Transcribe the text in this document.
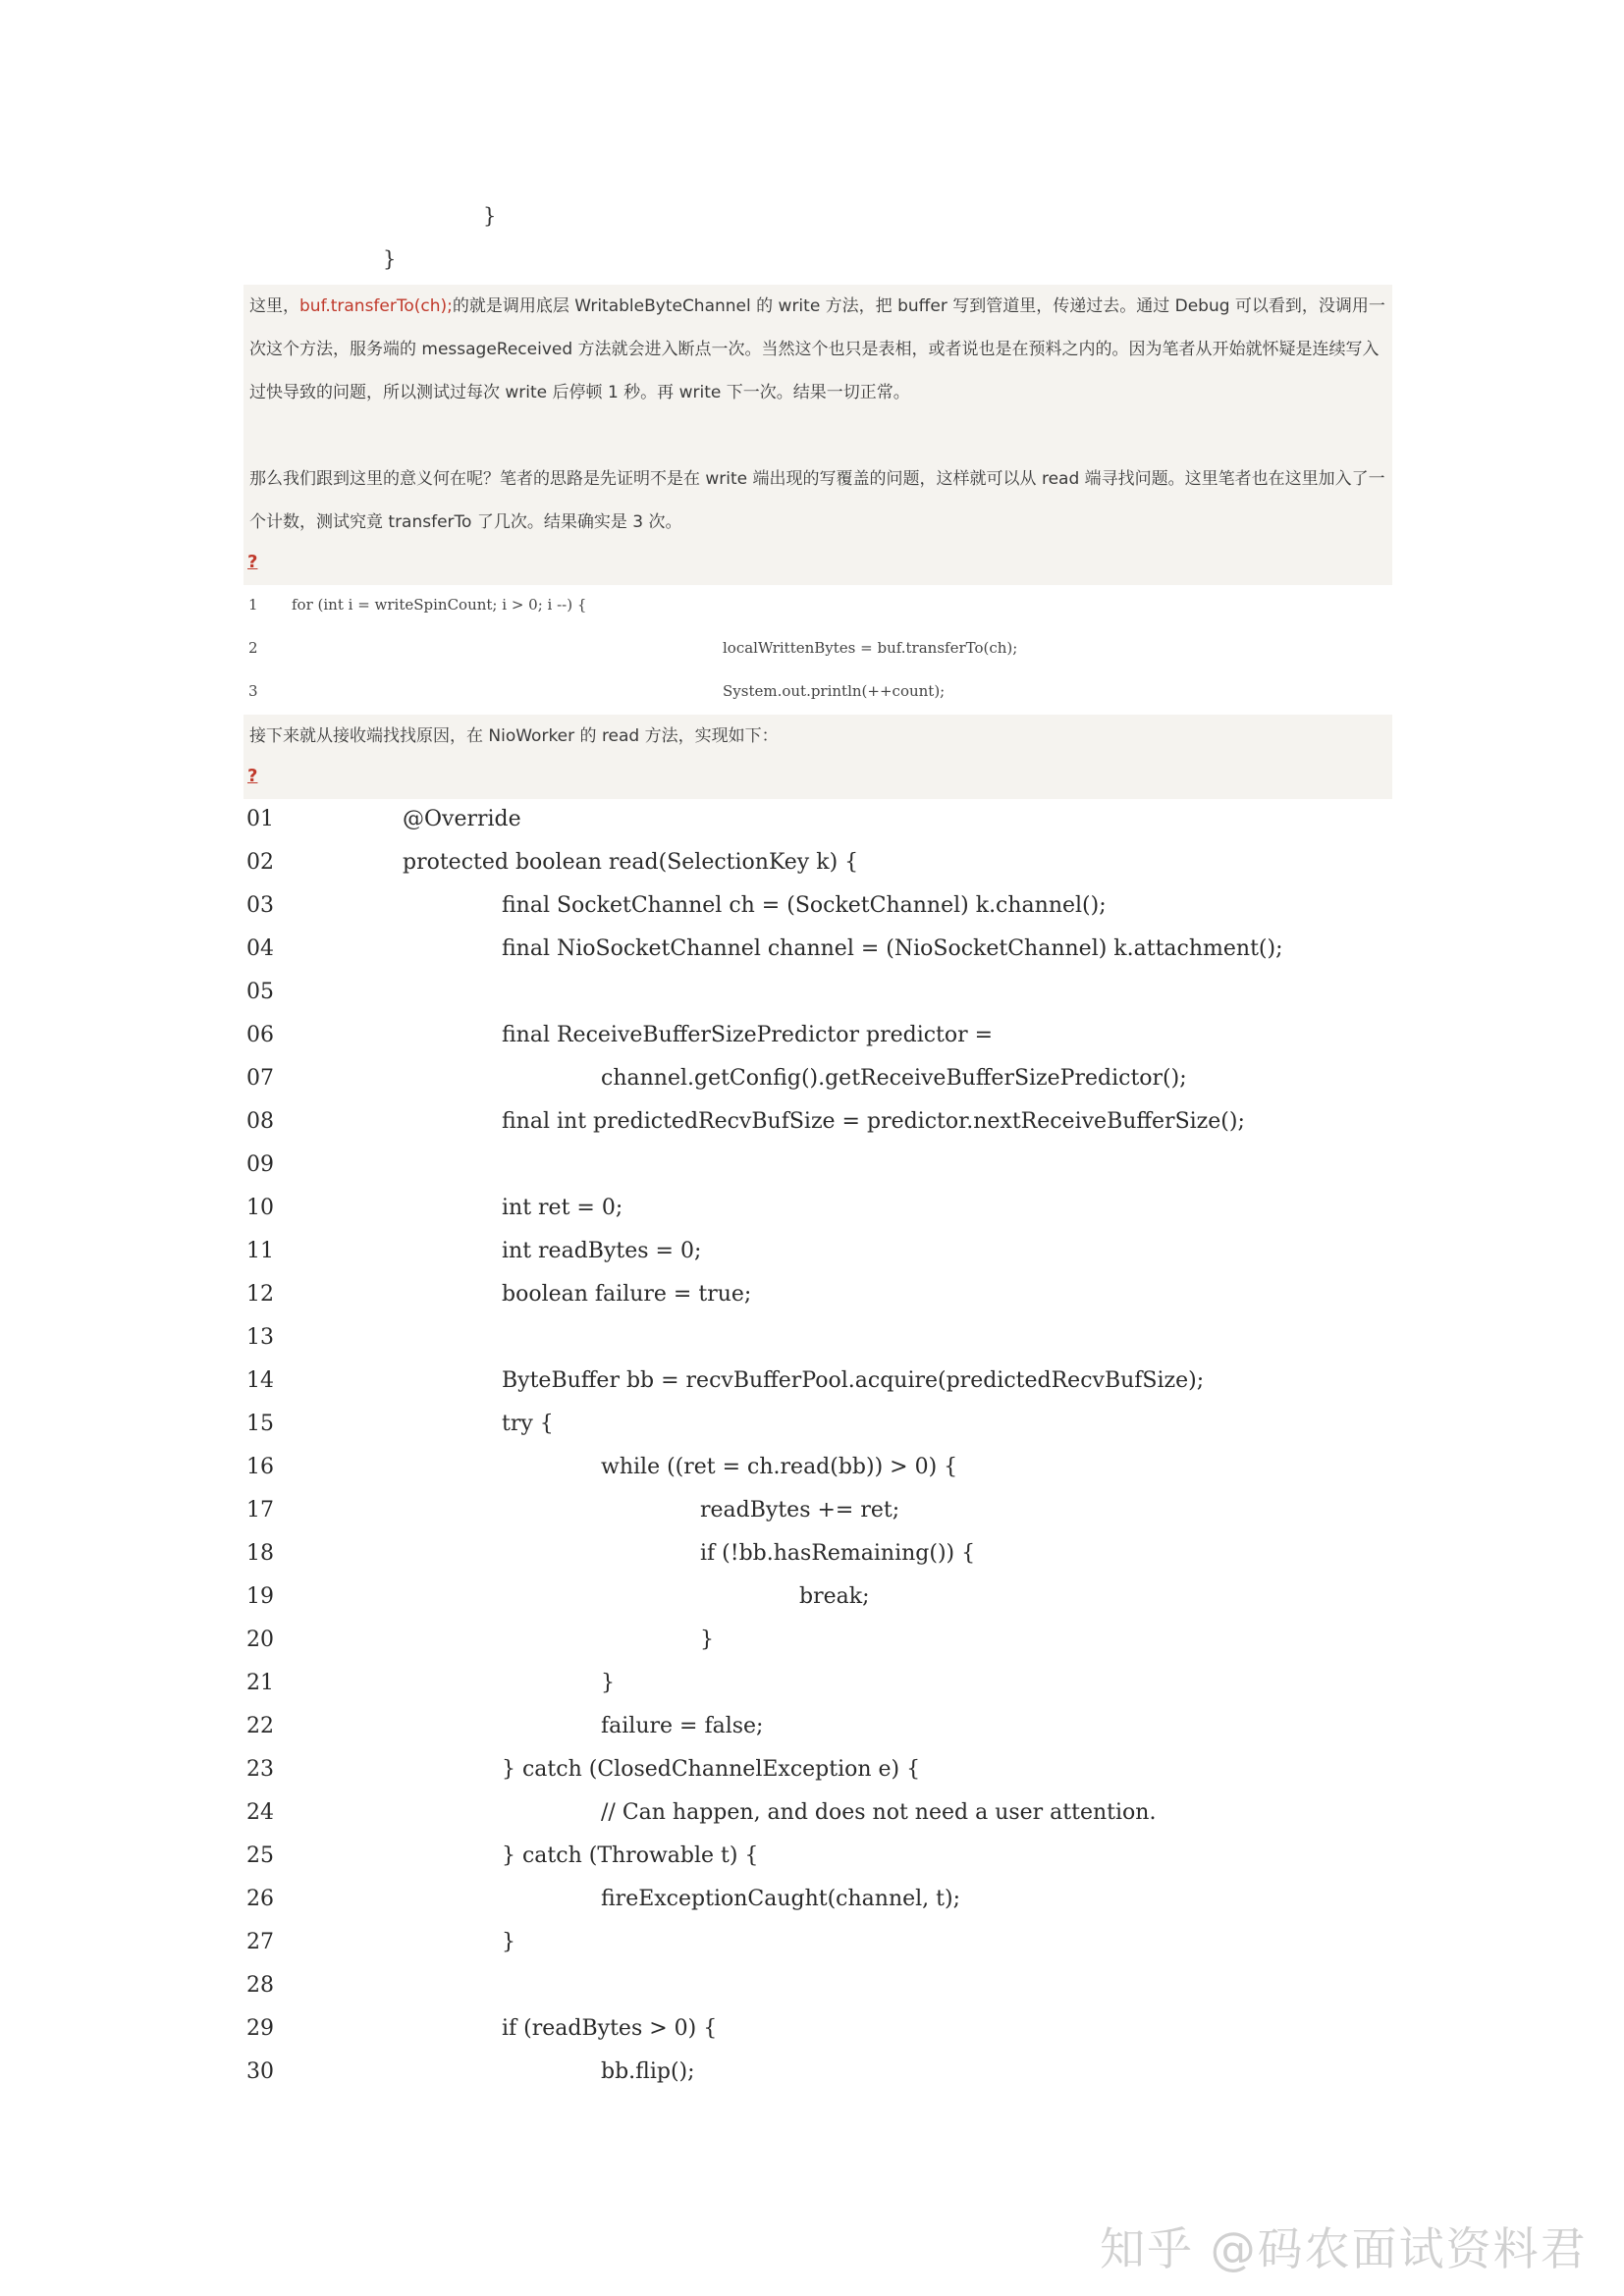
}
}
这里，buf.transferTo(ch);的就是调用底层 WritableByteChannel 的 write 方法，把 buffer 写到管道里，传递过去。通过 Debug 可以看到，没调用一次这个方法，服务端的 messageReceived 方法就会进入断点一次。当然这个也只是表相，或者说也是在预料之内的。因为笔者从开始就怀疑是连续写入过快导致的问题，所以测试过每次 write 后停顿 1 秒。再 write 下一次。结果一切正常。
那么我们跟到这里的意义何在呢？笔者的思路是先证明不是在 write 端出现的写覆盖的问题，这样就可以从 read 端寻找问题。这里笔者也在这里加入了一个计数，测试究竟 transferTo 了几次。结果确实是 3 次。
?
1 for (int i = writeSpinCount; i > 0; i --) {
2	localWrittenBytes = buf.transferTo(ch);
3	System.out.println(++count);
接下来就从接收端找找原因，在 NioWorker 的 read 方法，实现如下：
?
01	@Override
02	protected boolean read(SelectionKey k) {
03	final SocketChannel ch = (SocketChannel) k.channel();
04	final NioSocketChannel channel = (NioSocketChannel) k.attachment();
05
06	final ReceiveBufferSizePredictor predictor =
07	channel.getConfig().getReceiveBufferSizePredictor();
08	final int predictedRecvBufSize = predictor.nextReceiveBufferSize();
09
10	int ret = 0;
11	int readBytes = 0;
12	boolean failure = true;
13
14	ByteBuffer bb = recvBufferPool.acquire(predictedRecvBufSize);
15	try {
16	while ((ret = ch.read(bb)) > 0) {
17	readBytes += ret;
18	if (!bb.hasRemaining()) {
19	break;
20	}
21	}
22	failure = false;
23	} catch (ClosedChannelException e) {
24	// Can happen, and does not need a user attention.
25	} catch (Throwable t) {
26	fireExceptionCaught(channel, t);
27	}
28
29	if (readBytes > 0) {
30	bb.flip();
知乎 @码农面试资料君
